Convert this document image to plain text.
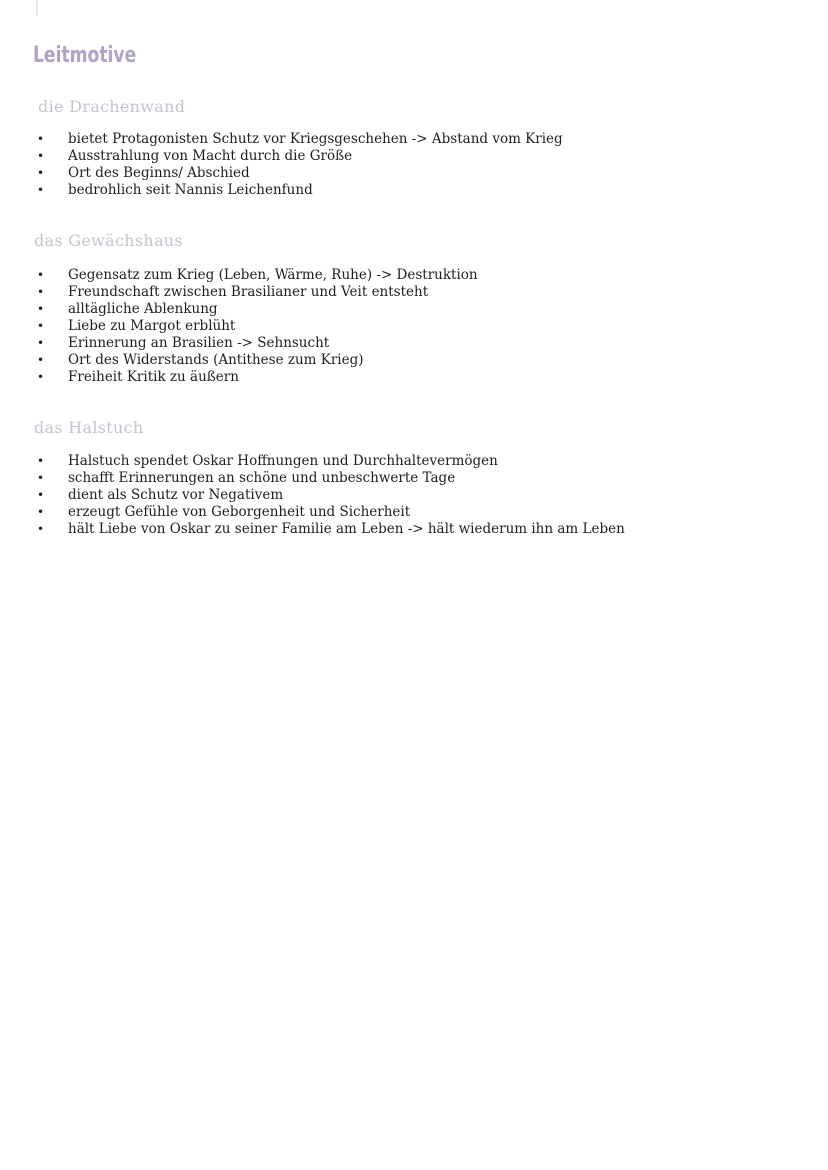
Leitmotive
die Drachenwand
• bietet Protagonisten Schutz vor Kriegsgeschehen -> Abstand vom Krieg
• Ausstrahlung von Macht durch die Größe
• Ort des Beginns/ Abschied
• bedrohlich seit Nannis Leichenfund
das Gewächshaus
• Gegensatz zum Krieg (Leben, Wärme, Ruhe) -> Destruktion
• Freundschaft zwischen Brasilianer und Veit entsteht
• alltägliche Ablenkung
• Liebe zu Margot erblüht
• Erinnerung an Brasilien -> Sehnsucht
• Ort des Widerstands (Antithese zum Krieg)
• Freiheit Kritik zu äußern
das Halstuch
• Halstuch spendet Oskar Hoffnungen und Durchhaltevermögen
• schafft Erinnerungen an schöne und unbeschwerte Tage
• dient als Schutz vor Negativem
• erzeugt Gefühle von Geborgenheit und Sicherheit
• hält Liebe von Oskar zu seiner Familie am Leben -> hält wiederum ihn am Leben
